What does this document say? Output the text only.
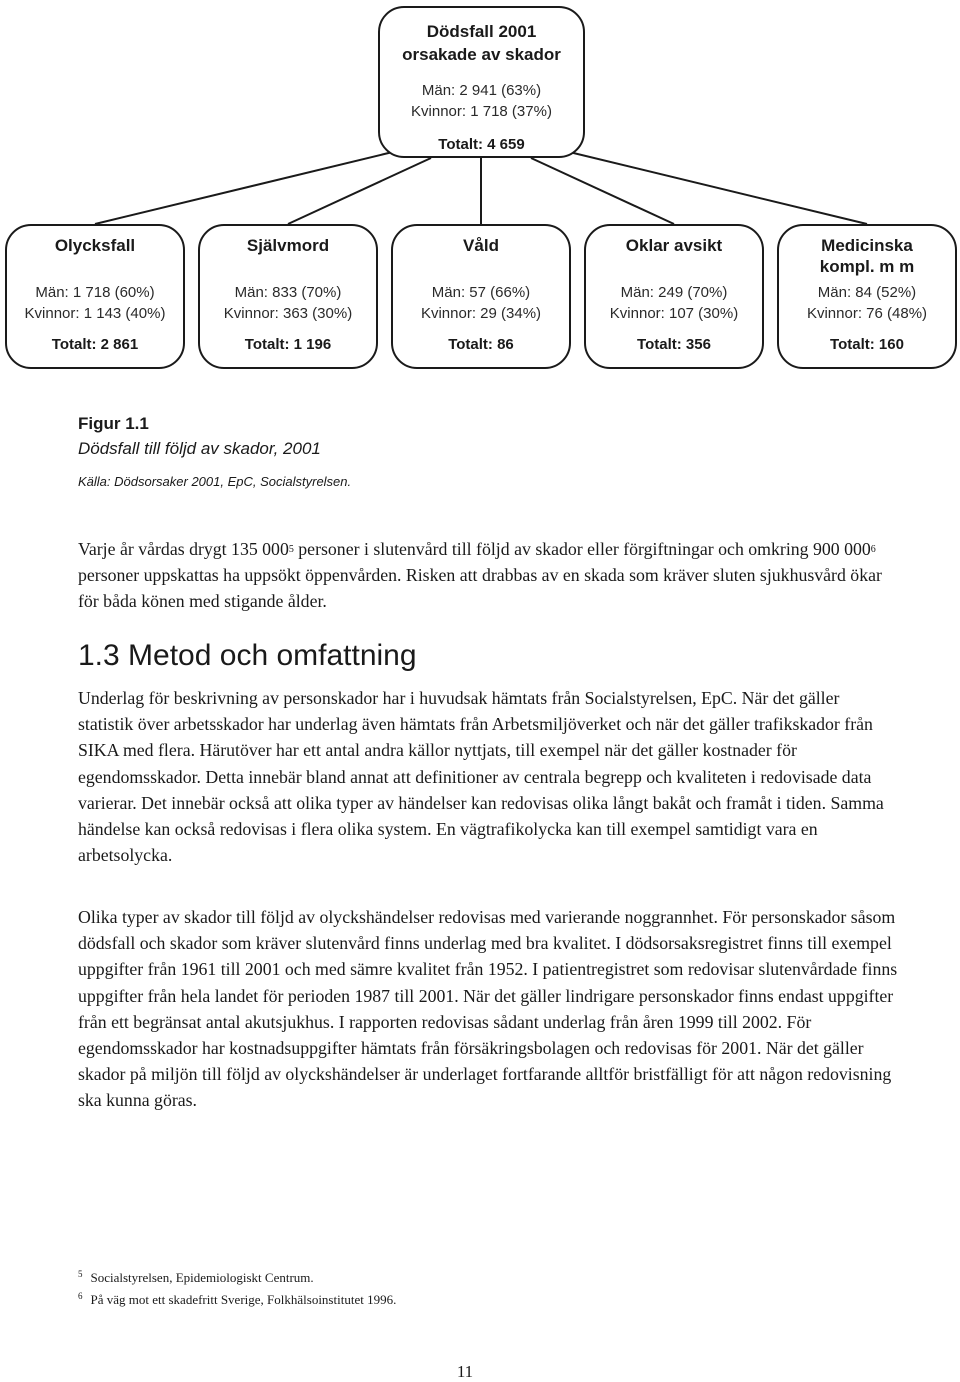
Dödsfall 2001
orsakade av skador
Män: 2 941 (63%)
Kvinnor: 1 718 (37%)
Totalt: 4 659
Olycksfall
Män: 1 718 (60%)
Kvinnor: 1 143 (40%)
Totalt: 2 861
Självmord
Män: 833 (70%)
Kvinnor: 363 (30%)
Totalt: 1 196
Våld
Män: 57 (66%)
Kvinnor: 29 (34%)
Totalt: 86
Oklar avsikt
Män: 249 (70%)
Kvinnor: 107 (30%)
Totalt: 356
Medicinska
kompl. m m
Män: 84 (52%)
Kvinnor: 76 (48%)
Totalt: 160
Figur 1.1
Dödsfall till följd av skador, 2001
Källa: Dödsorsaker 2001, EpC, Socialstyrelsen.

Varje år vårdas drygt 135 $000^5$ personer i slutenvård till följd av skador eller förgiftningar och omkring 900 $000^6$ personer uppskattas ha uppsökt öppenvården. Risken att drabbas av en skada som kräver sluten sjukhusvård ökar för båda könen med stigande ålder.

1.3 Metod och omfattning

Underlag för beskrivning av personskador har i huvudsak hämtats från Socialstyrelsen, EpC. När det gäller statistik över arbetsskador har underlag även hämtats från Arbetsmiljöverket och när det gäller trafikskador från SIKA med flera. Härutöver har ett antal andra källor nyttjats, till exempel när det gäller kostnader för egendomsskador. Detta innebär bland annat att definitioner av centrala begrepp och kvaliteten i redovisade data varierar. Det innebär också att olika typer av händelser kan redovisas olika långt bakåt och framåt i tiden. Samma händelse kan också redovisas i flera olika system. En vägtrafikolycka kan till exempel samtidigt vara en arbetsolycka.

Olika typer av skador till följd av olyckshändelser redovisas med varierande noggrannhet. För personskador såsom dödsfall och skador som kräver slutenvård finns underlag med bra kvalitet. I dödsorsaksregistret finns till exempel uppgifter från 1961 till 2001 och med sämre kvalitet från 1952. I patientregistret som redovisar slutenvårdade finns uppgifter från hela landet för perioden 1987 till 2001. När det gäller lindrigare personskador finns endast uppgifter från ett begränsat antal akutsjukhus. I rapporten redovisas sådant underlag från åren 1999 till 2002. För egendomsskador har kostnadsuppgifter hämtats från försäkringsbolagen och redovisas för 2001. När det gäller skador på miljön till följd av olyckshändelser är underlaget fortfarande alltför bristfälligt för att någon redovisning ska kunna göras.

$^5$ Socialstyrelsen, Epidemiologiskt Centrum.
$^6$ På väg mot ett skadefritt Sverige, Folkhälsoinstitutet 1996.
11
